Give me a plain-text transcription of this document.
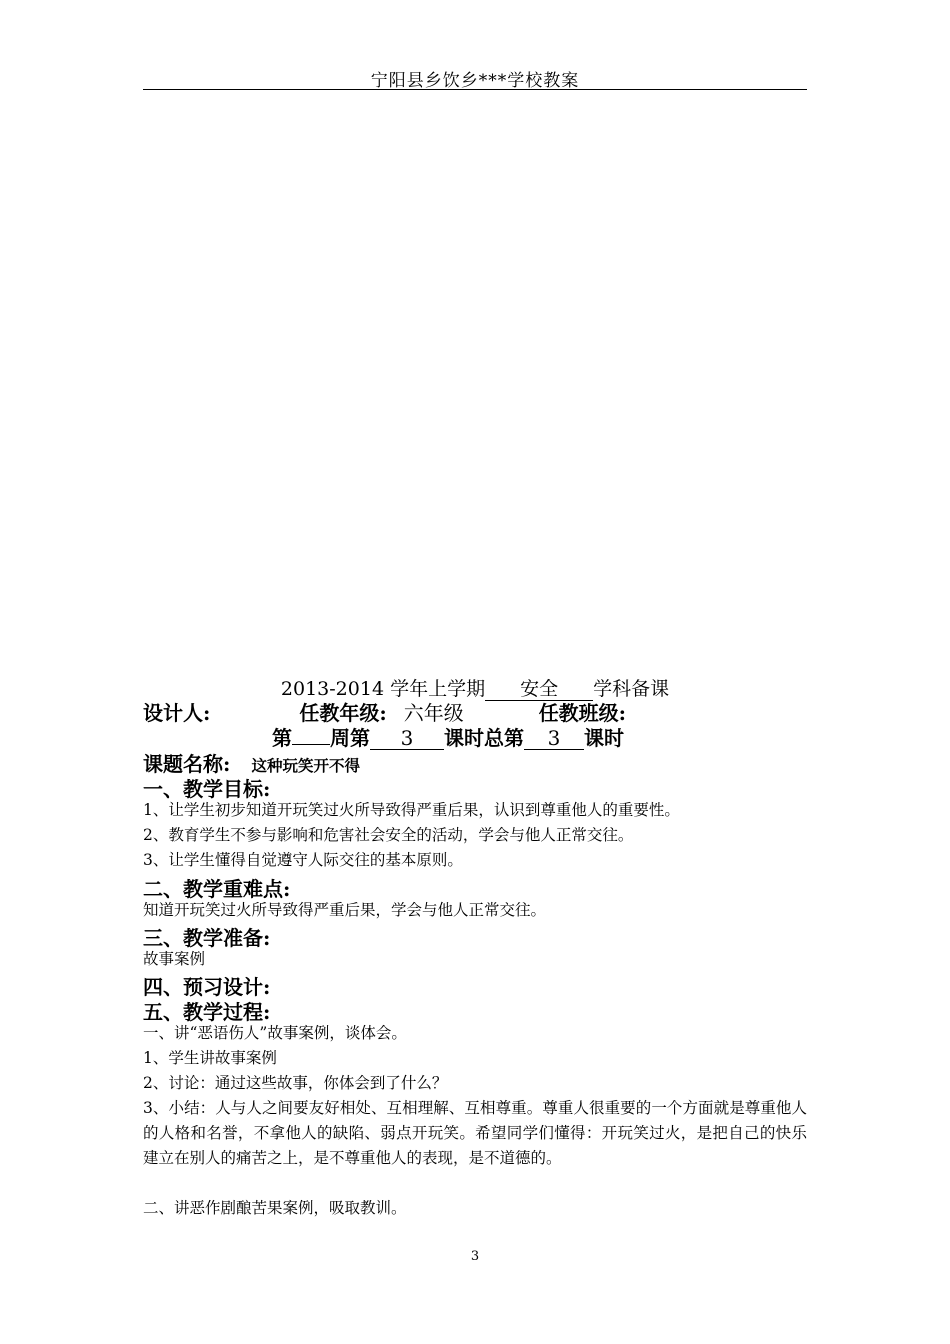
宁阳县乡饮乡***学校教案
2013-2014 学年上学期 安全 学科备课
设计人:	任教年级: 六年级	任教班级:
第 周第 3 课时总第 3 课时
课题名称: 这种玩笑开不得
一、教学目标:
1、让学生初步知道开玩笑过火所导致得严重后果，认识到尊重他人的重要性。
2、教育学生不参与影响和危害社会安全的活动，学会与他人正常交往。
3、让学生懂得自觉遵守人际交往的基本原则。
二、教学重难点:
知道开玩笑过火所导致得严重后果，学会与他人正常交往。
三、教学准备:
故事案例
四、预习设计:
五、教学过程:
一、讲“恶语伤人”故事案例，谈体会。
1、学生讲故事案例
2、讨论：通过这些故事，你体会到了什么？
3、小结：人与人之间要友好相处、互相理解、互相尊重。尊重人很重要的一个方面就是尊重他人的人格和名誉，不拿他人的缺陷、弱点开玩笑。希望同学们懂得：开玩笑过火，是把自己的快乐建立在别人的痛苦之上，是不尊重他人的表现，是不道德的。
二、讲恶作剧酿苦果案例，吸取教训。
3
